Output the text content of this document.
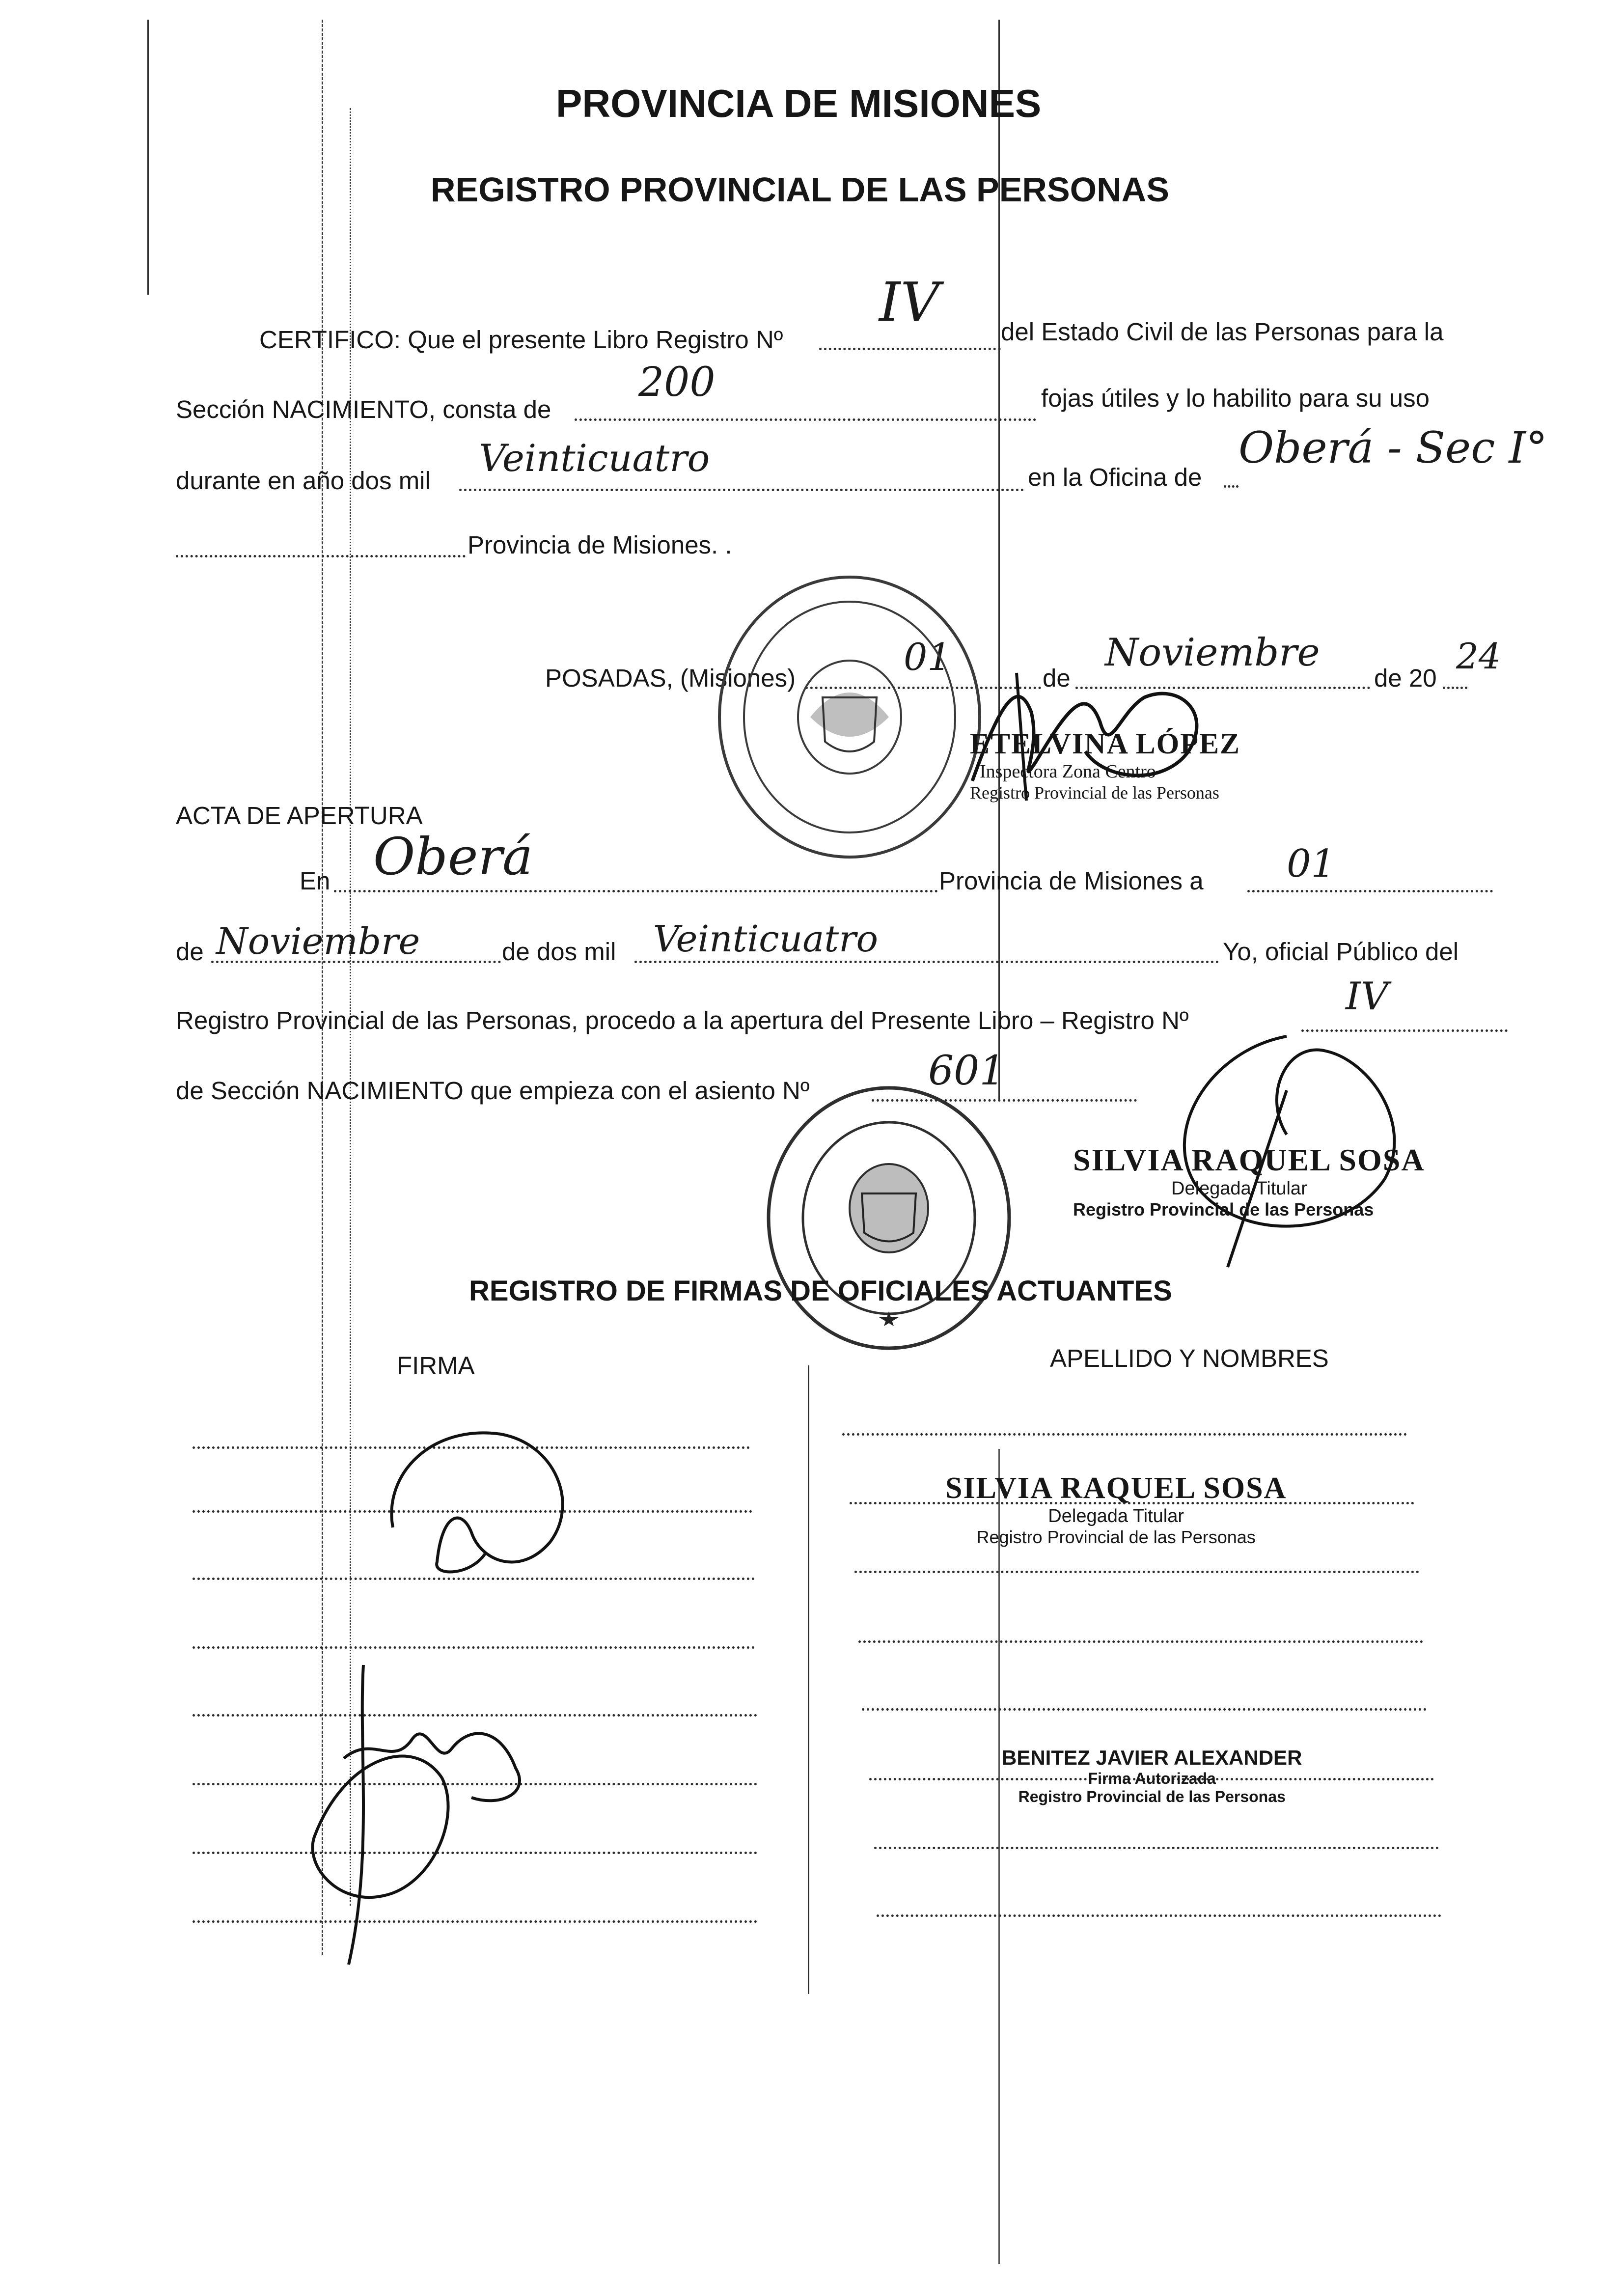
PROVINCIA DE MISIONES
REGISTRO PROVINCIAL DE LAS PERSONAS
CERTIFICO: Que el presente Libro Registro Nº
IV del Estado Civil de las Personas para la
Sección NACIMIENTO, consta de
200	fojas útiles y lo habilito para su uso
durante en año dos mil
Veinticuatro	en la Oficina de
Oberá - Sec I°
Provincia de Misiones. .
POSADAS, (Misiones)	01	de
Noviembre
de 20
24
ETELVINA LÓPEZ
Inspectora Zona Centro
Registro Provincial de las Personas
ACTA DE APERTURA
En Oberá	Provincia de Misiones a 01
de Noviembre	de dos mil Veinticuatro	Yo, oficial Público del
Registro Provincial de las Personas, procedo a la apertura del Presente Libro – Registro Nº
IV
de Sección NACIMIENTO que empieza con el asiento Nº	601
SILVIA RAQUEL SOSA
Delegada Titular
Registro Provincial de las Personas
REGISTRO DE FIRMAS DE OFICIALES ACTUANTES
FIRMA	APELLIDO Y NOMBRES
SILVIA RAQUEL SOSA
Delegada Titular
Registro Provincial de las Personas
BENITEZ JAVIER ALEXANDER
Firma Autorizada
Registro Provincial de las Personas
